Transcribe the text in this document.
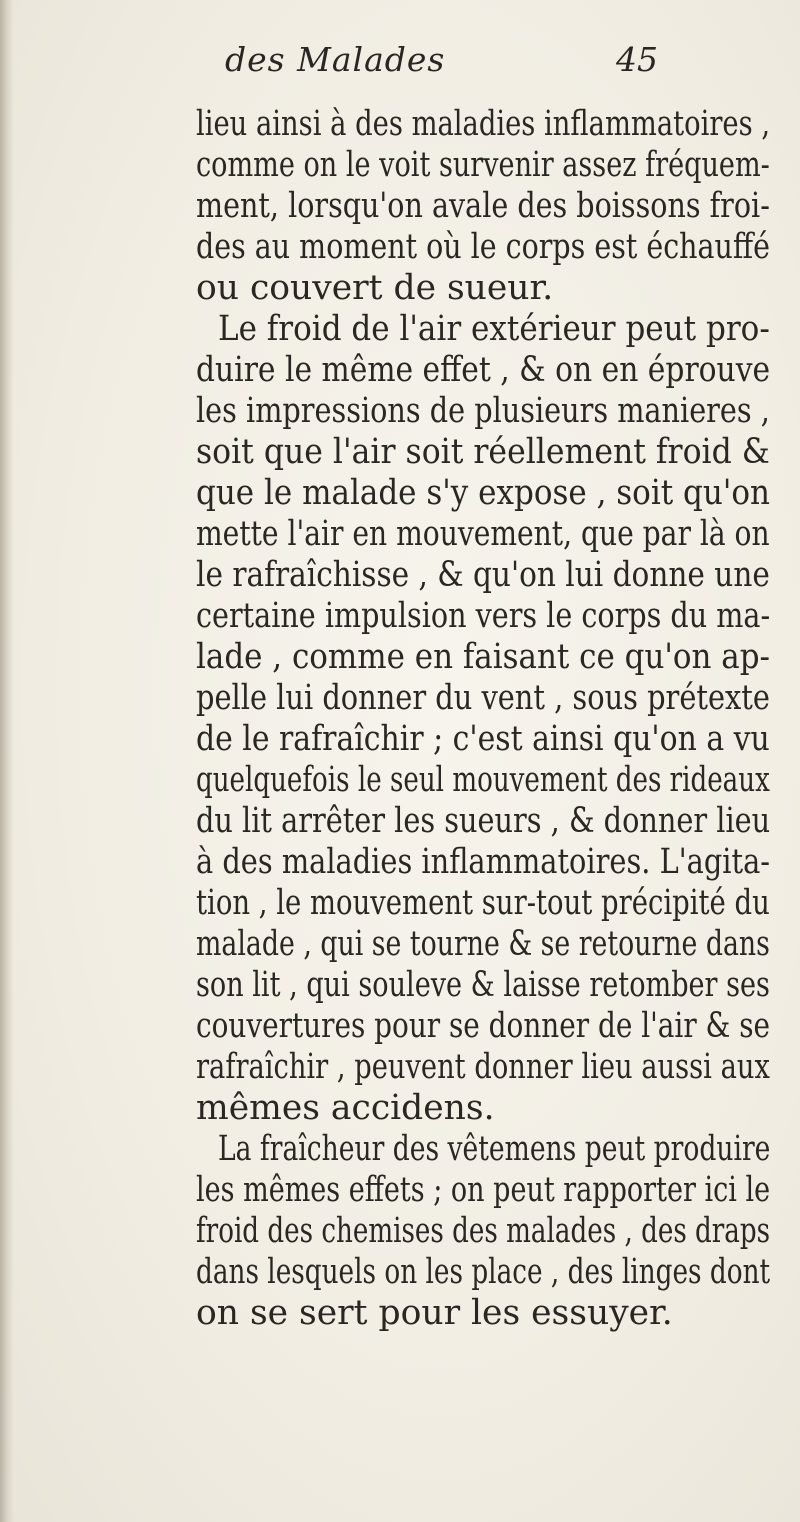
des Malades	45
lieu ainsi à des maladies inflammatoires ,
comme on le voit survenir assez fréquem-
ment, lorsqu'on avale des boissons froi-
des au moment où le corps est échauffé
ou couvert de sueur.
Le froid de l'air extérieur peut pro-
duire le même effet , & on en éprouve
les impressions de plusieurs manieres ,
soit que l'air soit réellement froid &
que le malade s'y expose , soit qu'on
mette l'air en mouvement, que par là on
le rafraîchisse , & qu'on lui donne une
certaine impulsion vers le corps du ma-
lade , comme en faisant ce qu'on ap-
pelle lui donner du vent , sous prétexte
de le rafraîchir ; c'est ainsi qu'on a vu
quelquefois le seul mouvement des rideaux
du lit arrêter les sueurs , & donner lieu
à des maladies inflammatoires. L'agita-
tion , le mouvement sur-tout précipité du
malade , qui se tourne & se retourne dans
son lit , qui souleve & laisse retomber ses
couvertures pour se donner de l'air & se
rafraîchir , peuvent donner lieu aussi aux
mêmes accidens.
La fraîcheur des vêtemens peut produire
les mêmes effets ; on peut rapporter ici le
froid des chemises des malades , des draps
dans lesquels on les place , des linges dont
on se sert pour les essuyer.
